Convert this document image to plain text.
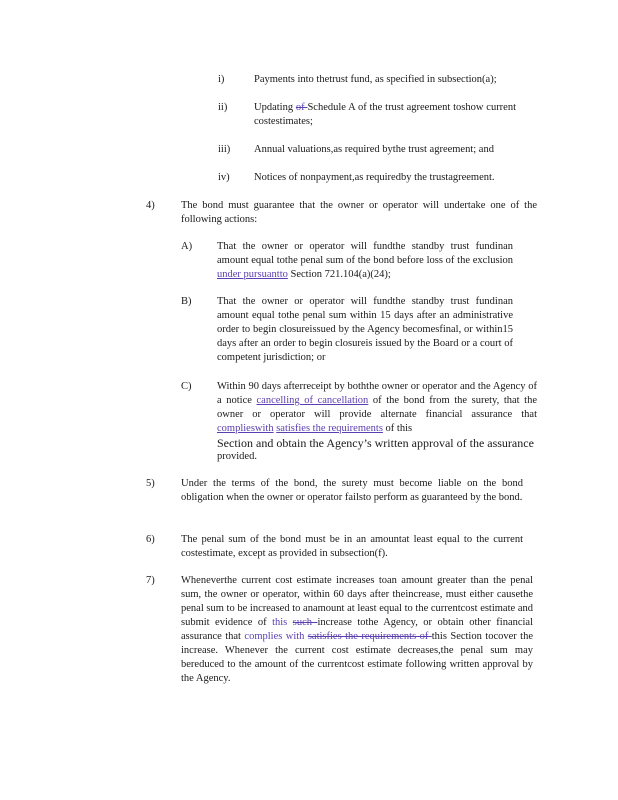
i)	Payments into thetrust fund, as specified in subsection(a);
ii)	Updating of Schedule A of the trust agreement toshow current costestimates;
iii) Annual valuations,as required bythe trust agreement; and
iv) Notices of nonpayment,as requiredby the trustagreement.
4)	The bond must guarantee that the owner or operator will undertake one of the following actions:
A) That the owner or operator will fundthe standby trust fundinan amount equal tothe penal sum of the bond before loss of the exclusion under pursuantto Section 721.104(a)(24);
B) That the owner or operator will fundthe standby trust fundinan amount equal tothe penal sum within 15 days after an administrative order to begin closureissued by the Agency becomesfinal, or within15 days after an order to begin closureis issued by the Board or a court of competent jurisdiction; or
C) Within 90 days afterreceipt by boththe owner or operator and the Agency of a notice cancelling of cancellation of the bond from the surety, that the owner or operator will provide alternate financial assurance that complieswith satisfies the requirements of this
Section and obtain the Agency’s written approval of the assurance
provided.
5)	Under the terms of the bond, the surety must become liable on the bond obligation when the owner or operator failsto perform as guaranteed by the bond.
6)	The penal sum of the bond must be in an amountat least equal to the current costestimate, except as provided in subsection(f).
7)	Wheneverthe current cost estimate increases toan amount greater than the penal sum, the owner or operator, within 60 days after theincrease, must either causethe penal sum to be increased to anamount at least equal to the currentcost estimate and submit evidence of this such increase tothe Agency, or obtain other financial assurance that complies with satisfies the requirements of this Section tocover the increase. Whenever the current cost estimate decreases,the penal sum may bereduced to the amount of the currentcost estimate following written approval by the Agency.
